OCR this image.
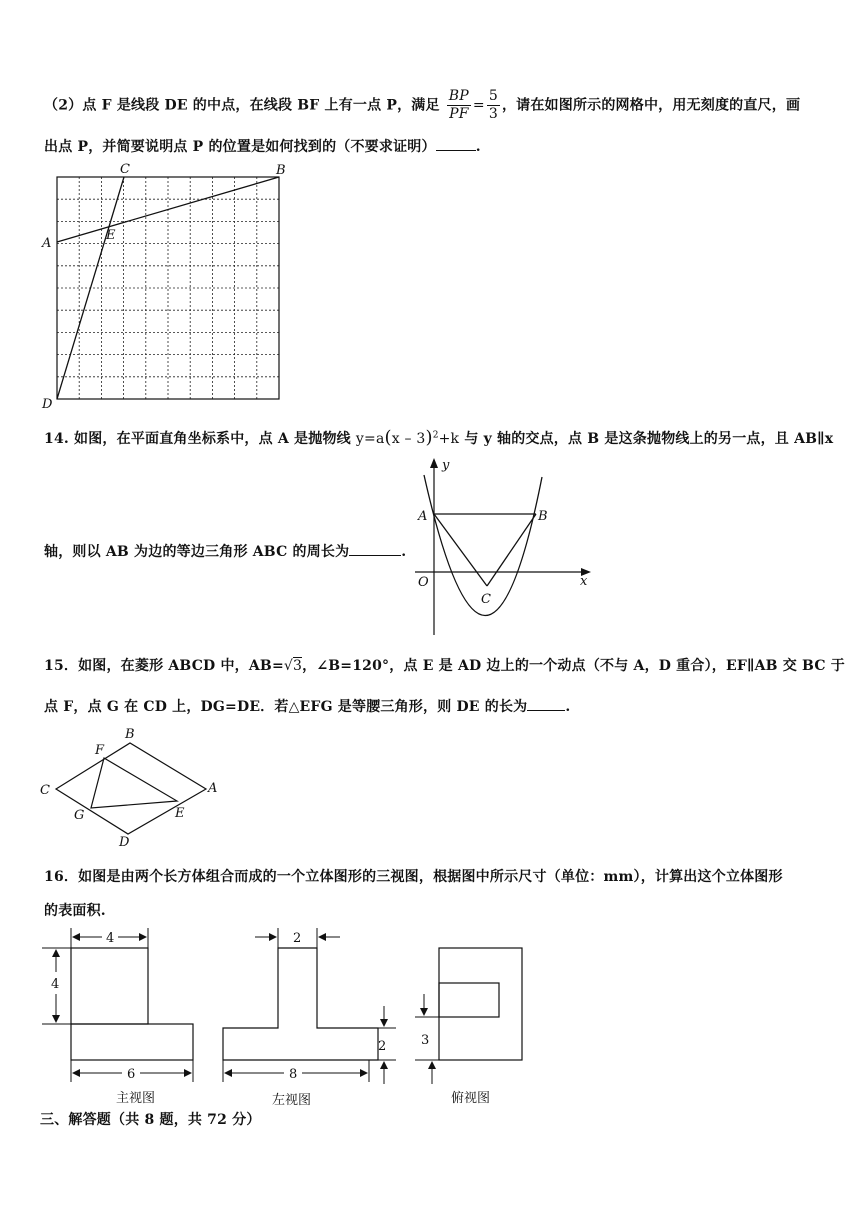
（2）点 F 是线段 DE 的中点，在线段 BF 上有一点 P，满足 $\frac{BP}{PF} = \frac{5}{3}$ ，请在如图所示的网格中，用无刻度的直尺，画
出点 P，并简要说明点 P 的位置是如何找到的（不要求证明）	.
C	B
A
E
D
14. 如图，在平面直角坐标系中，点 A 是抛物线 y=a(x – 3)$^2$+k 与 y 轴的交点，点 B 是这条抛物线上的另一点，且 AB∥x
轴，则以 AB 为边的等边三角形 ABC 的周长为	.
y
x
O
A	B
C
15．如图，在菱形 ABCD 中，AB=√3，∠B=120°，点 E 是 AD 边上的一个动点（不与 A，D 重合），EF∥AB 交 BC 于
点 F，点 G 在 CD 上，DG=DE．若△EFG 是等腰三角形，则 DE 的长为	.
B
F
C	A
G	E
D
16．如图是由两个长方体组合而成的一个立体图形的三视图，根据图中所示尺寸（单位：mm），计算出这个立体图形
的表面积.
4
4
6
主视图
2
2
8
左视图
3
俯视图
三、解答题（共 8 题，共 72 分）
